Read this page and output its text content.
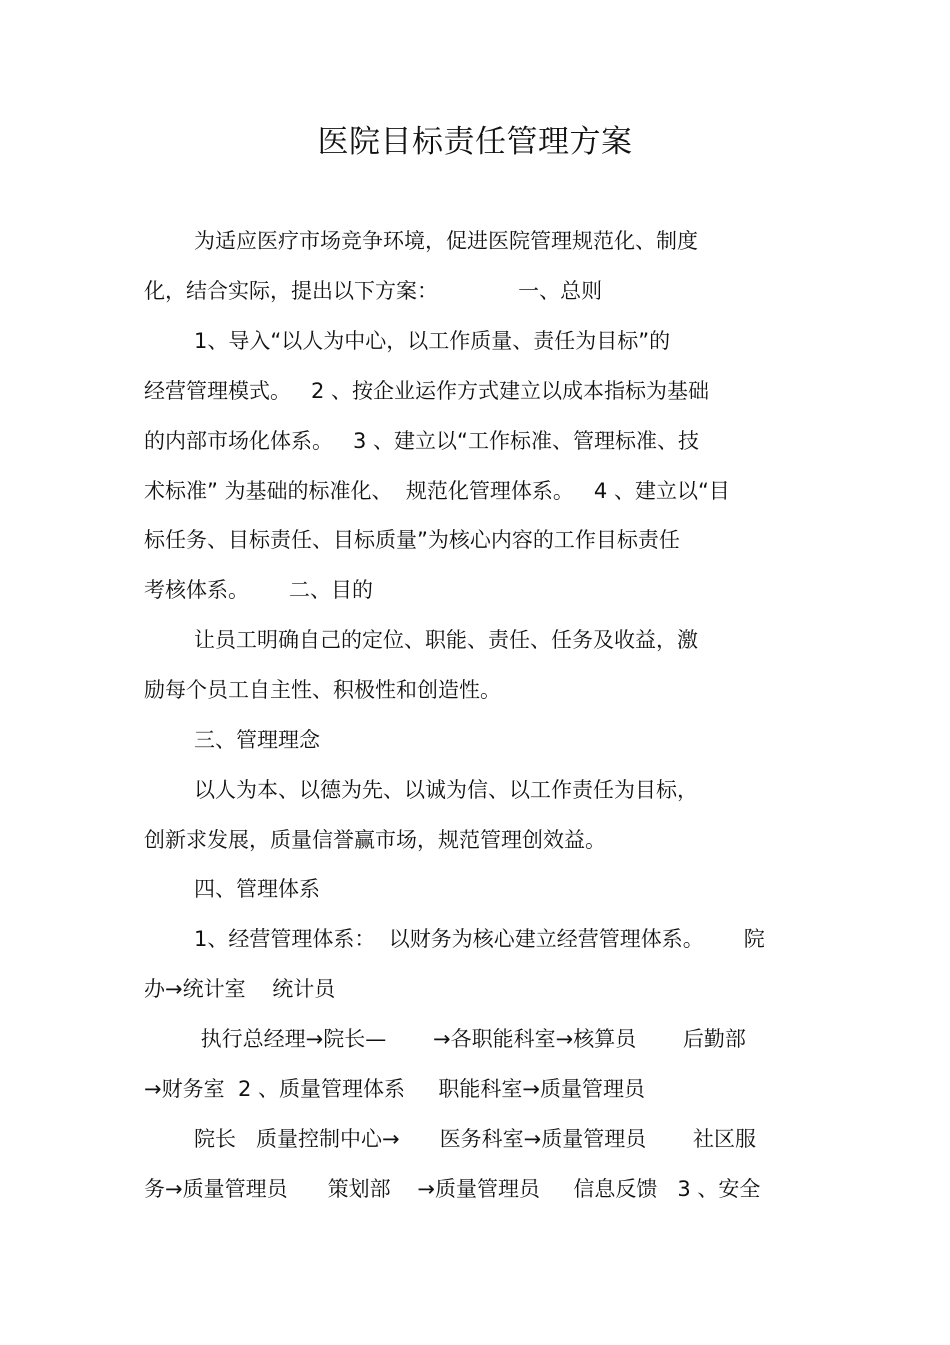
医院目标责任管理方案

为适应医疗市场竞争环境，促进医院管理规范化、制度

化，结合实际，提出以下方案：            一、总则

1、导入“以人为中心，以工作质量、责任为目标”的

经营管理模式。   2 、按企业运作方式建立以成本指标为基础

的内部市场化体系。   3 、建立以“工作标准、管理标准、技

术标准” 为基础的标准化、  规范化管理体系。   4 、建立以“目

标任务、目标责任、目标质量”为核心内容的工作目标责任

考核体系。      二、目的

让员工明确自己的定位、职能、责任、任务及收益，激

励每个员工自主性、积极性和创造性。

三、管理理念

以人为本、以德为先、以诚为信、以工作责任为目标，

创新求发展，质量信誉赢市场，规范管理创效益。

四、管理体系

1、经营管理体系：  以财务为核心建立经营管理体系。      院

办→统计室    统计员

执行总经理→院长—       →各职能科室→核算员       后勤部

→财务室  2 、质量管理体系     职能科室→质量管理员

院长   质量控制中心→      医务科室→质量管理员       社区服

务→质量管理员      策划部    →质量管理员     信息反馈   3 、安全
